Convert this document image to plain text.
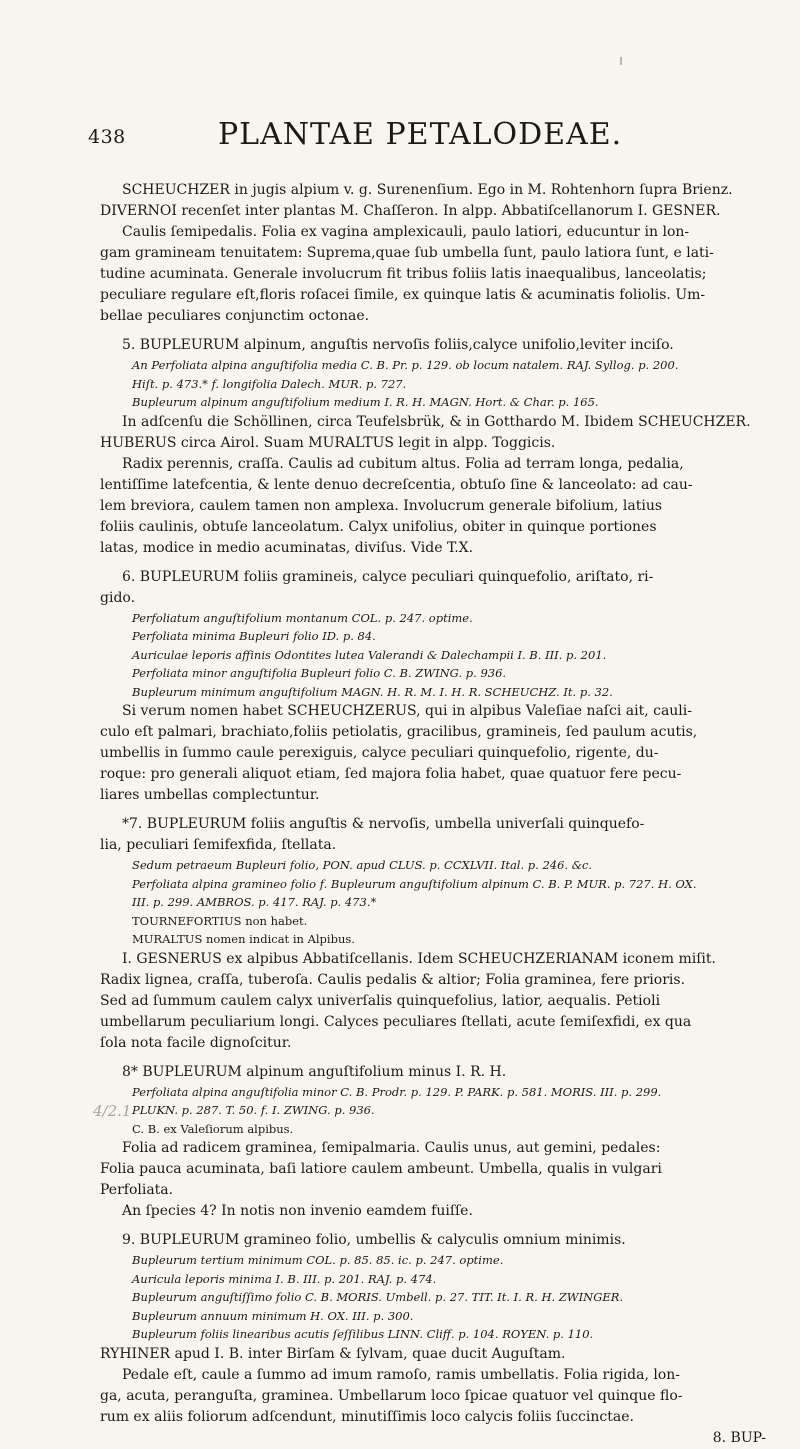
438	PLANTAE PETALODEAE.
4/2.1

SCHEUCHZER in jugis alpium v. g. Surenenſium. Ego in M. Rohtenhorn ſupra Brienz.

DIVERNOI recenſet inter plantas M. Chaſſeron. In alpp. Abbatiſcellanorum I. GESNER.

Caulis ſemipedalis. Folia ex vagina amplexicauli, paulo latiori, educuntur in lon-

gam gramineam tenuitatem: Suprema,quae ſub umbella ſunt, paulo latiora ſunt, e lati-

tudine acuminata. Generale involucrum fit tribus foliis latis inaequalibus, lanceolatis;

peculiare regulare eſt,floris roſacei ſimile, ex quinque latis & acuminatis foliolis. Um-

bellae peculiares conjunctim octonae.

5. BUPLEURUM alpinum, anguſtis nervoſis foliis,calyce unifolio,leviter inciſo.

An Perfoliata alpina anguſtifolia media C. B. Pr. p. 129. ob locum natalem. RAJ. Syllog. p. 200.

Hiſt. p. 473.* f. longifolia Dalech. MUR. p. 727.

Bupleurum alpinum anguſtifolium medium I. R. H. MAGN. Hort. & Char. p. 165.

In adſcenſu die Schöllinen, circa Teufelsbrük, & in Gotthardo M. Ibidem SCHEUCHZER.

HUBERUS circa Airol. Suam MURALTUS legit in alpp. Toggicis.

Radix perennis, craſſa. Caulis ad cubitum altus. Folia ad terram longa, pedalia,

lentiſſime latefcentia, & lente denuo decreſcentia, obtuſo ſine & lanceolato: ad cau-

lem breviora, caulem tamen non amplexa. Involucrum generale bifolium, latius

foliis caulinis, obtuſe lanceolatum. Calyx unifolius, obiter in quinque portiones

latas, modice in medio acuminatas, diviſus. Vide T.X.

6. BUPLEURUM foliis gramineis, calyce peculiari quinquefolio, ariſtato, ri-

gido.

Perfoliatum anguſtifolium montanum COL. p. 247. optime.

Perfoliata minima Bupleuri folio ID. p. 84.

Auriculae leporis affinis Odontites lutea Valerandi & Dalechampii I. B. III. p. 201.

Perfoliata minor anguſtifolia Bupleuri folio C. B. ZWING. p. 936.

Bupleurum minimum anguſtifolium MAGN. H. R. M. I. H. R. SCHEUCHZ. It. p. 32.

Si verum nomen habet SCHEUCHZERUS, qui in alpibus Valeſiae naſci ait, cauli-

culo eſt palmari, brachiato,foliis petiolatis, gracilibus, gramineis, ſed paulum acutis,

umbellis in ſummo caule perexiguis, calyce peculiari quinquefolio, rigente, du-

roque: pro generali aliquot etiam, ſed majora folia habet, quae quatuor fere pecu-

liares umbellas complectuntur.

*7. BUPLEURUM foliis anguſtis & nervoſis, umbella univerſali quinquefo-

lia, peculiari ſemifexfida, ſtellata.

Sedum petraeum Bupleuri folio, PON. apud CLUS. p. CCXLVII. Ital. p. 246. &c.

Perfoliata alpina gramineo folio f. Bupleurum anguſtifolium alpinum C. B. P. MUR. p. 727. H. OX.

III. p. 299. AMBROS. p. 417. RAJ. p. 473.*

TOURNEFORTIUS non habet.

MURALTUS nomen indicat in Alpibus.

I. GESNERUS ex alpibus Abbatiſcellanis. Idem SCHEUCHZERIANAM iconem miſit.

Radix lignea, craſſa, tuberoſa. Caulis pedalis & altior; Folia graminea, fere prioris.

Sed ad ſummum caulem calyx univerſalis quinquefolius, latior, aequalis. Petioli

umbellarum peculiarium longi. Calyces peculiares ſtellati, acute ſemiſexfidi, ex qua

ſola nota facile dignoſcitur.

8* BUPLEURUM alpinum anguſtifolium minus I. R. H.

Perfoliata alpina anguſtifolia minor C. B. Prodr. p. 129. P. PARK. p. 581. MORIS. III. p. 299.

PLUKN. p. 287. T. 50. f. I. ZWING. p. 936.

C. B. ex Valeſiorum alpibus.

Folia ad radicem graminea, ſemipalmaria. Caulis unus, aut gemini, pedales:

Folia pauca acuminata, baſi latiore caulem ambeunt. Umbella, qualis in vulgari

Perfoliata.

An ſpecies 4? In notis non invenio eamdem fuiſſe.

9. BUPLEURUM gramineo folio, umbellis & calyculis omnium minimis.

Bupleurum tertium minimum COL. p. 85. 85. ic. p. 247. optime.

Auricula leporis minima I. B. III. p. 201. RAJ. p. 474.

Bupleurum anguſtiſſimo folio C. B. MORIS. Umbell. p. 27. TIT. It. I. R. H. ZWINGER.

Bupleurum annuum minimum H. OX. III. p. 300.

Bupleurum foliis linearibus acutis ſeſſilibus LINN. Cliff. p. 104. ROYEN. p. 110.

RYHINER apud I. B. inter Birſam & ſylvam, quae ducit Auguſtam.

Pedale eſt, caule a ſummo ad imum ramoſo, ramis umbellatis. Folia rigida, lon-

ga, acuta, peranguſta, graminea. Umbellarum loco ſpicae quatuor vel quinque flo-

rum ex aliis foliorum adſcendunt, minutiſſimis loco calycis foliis ſuccinctae.

8. BUP-
